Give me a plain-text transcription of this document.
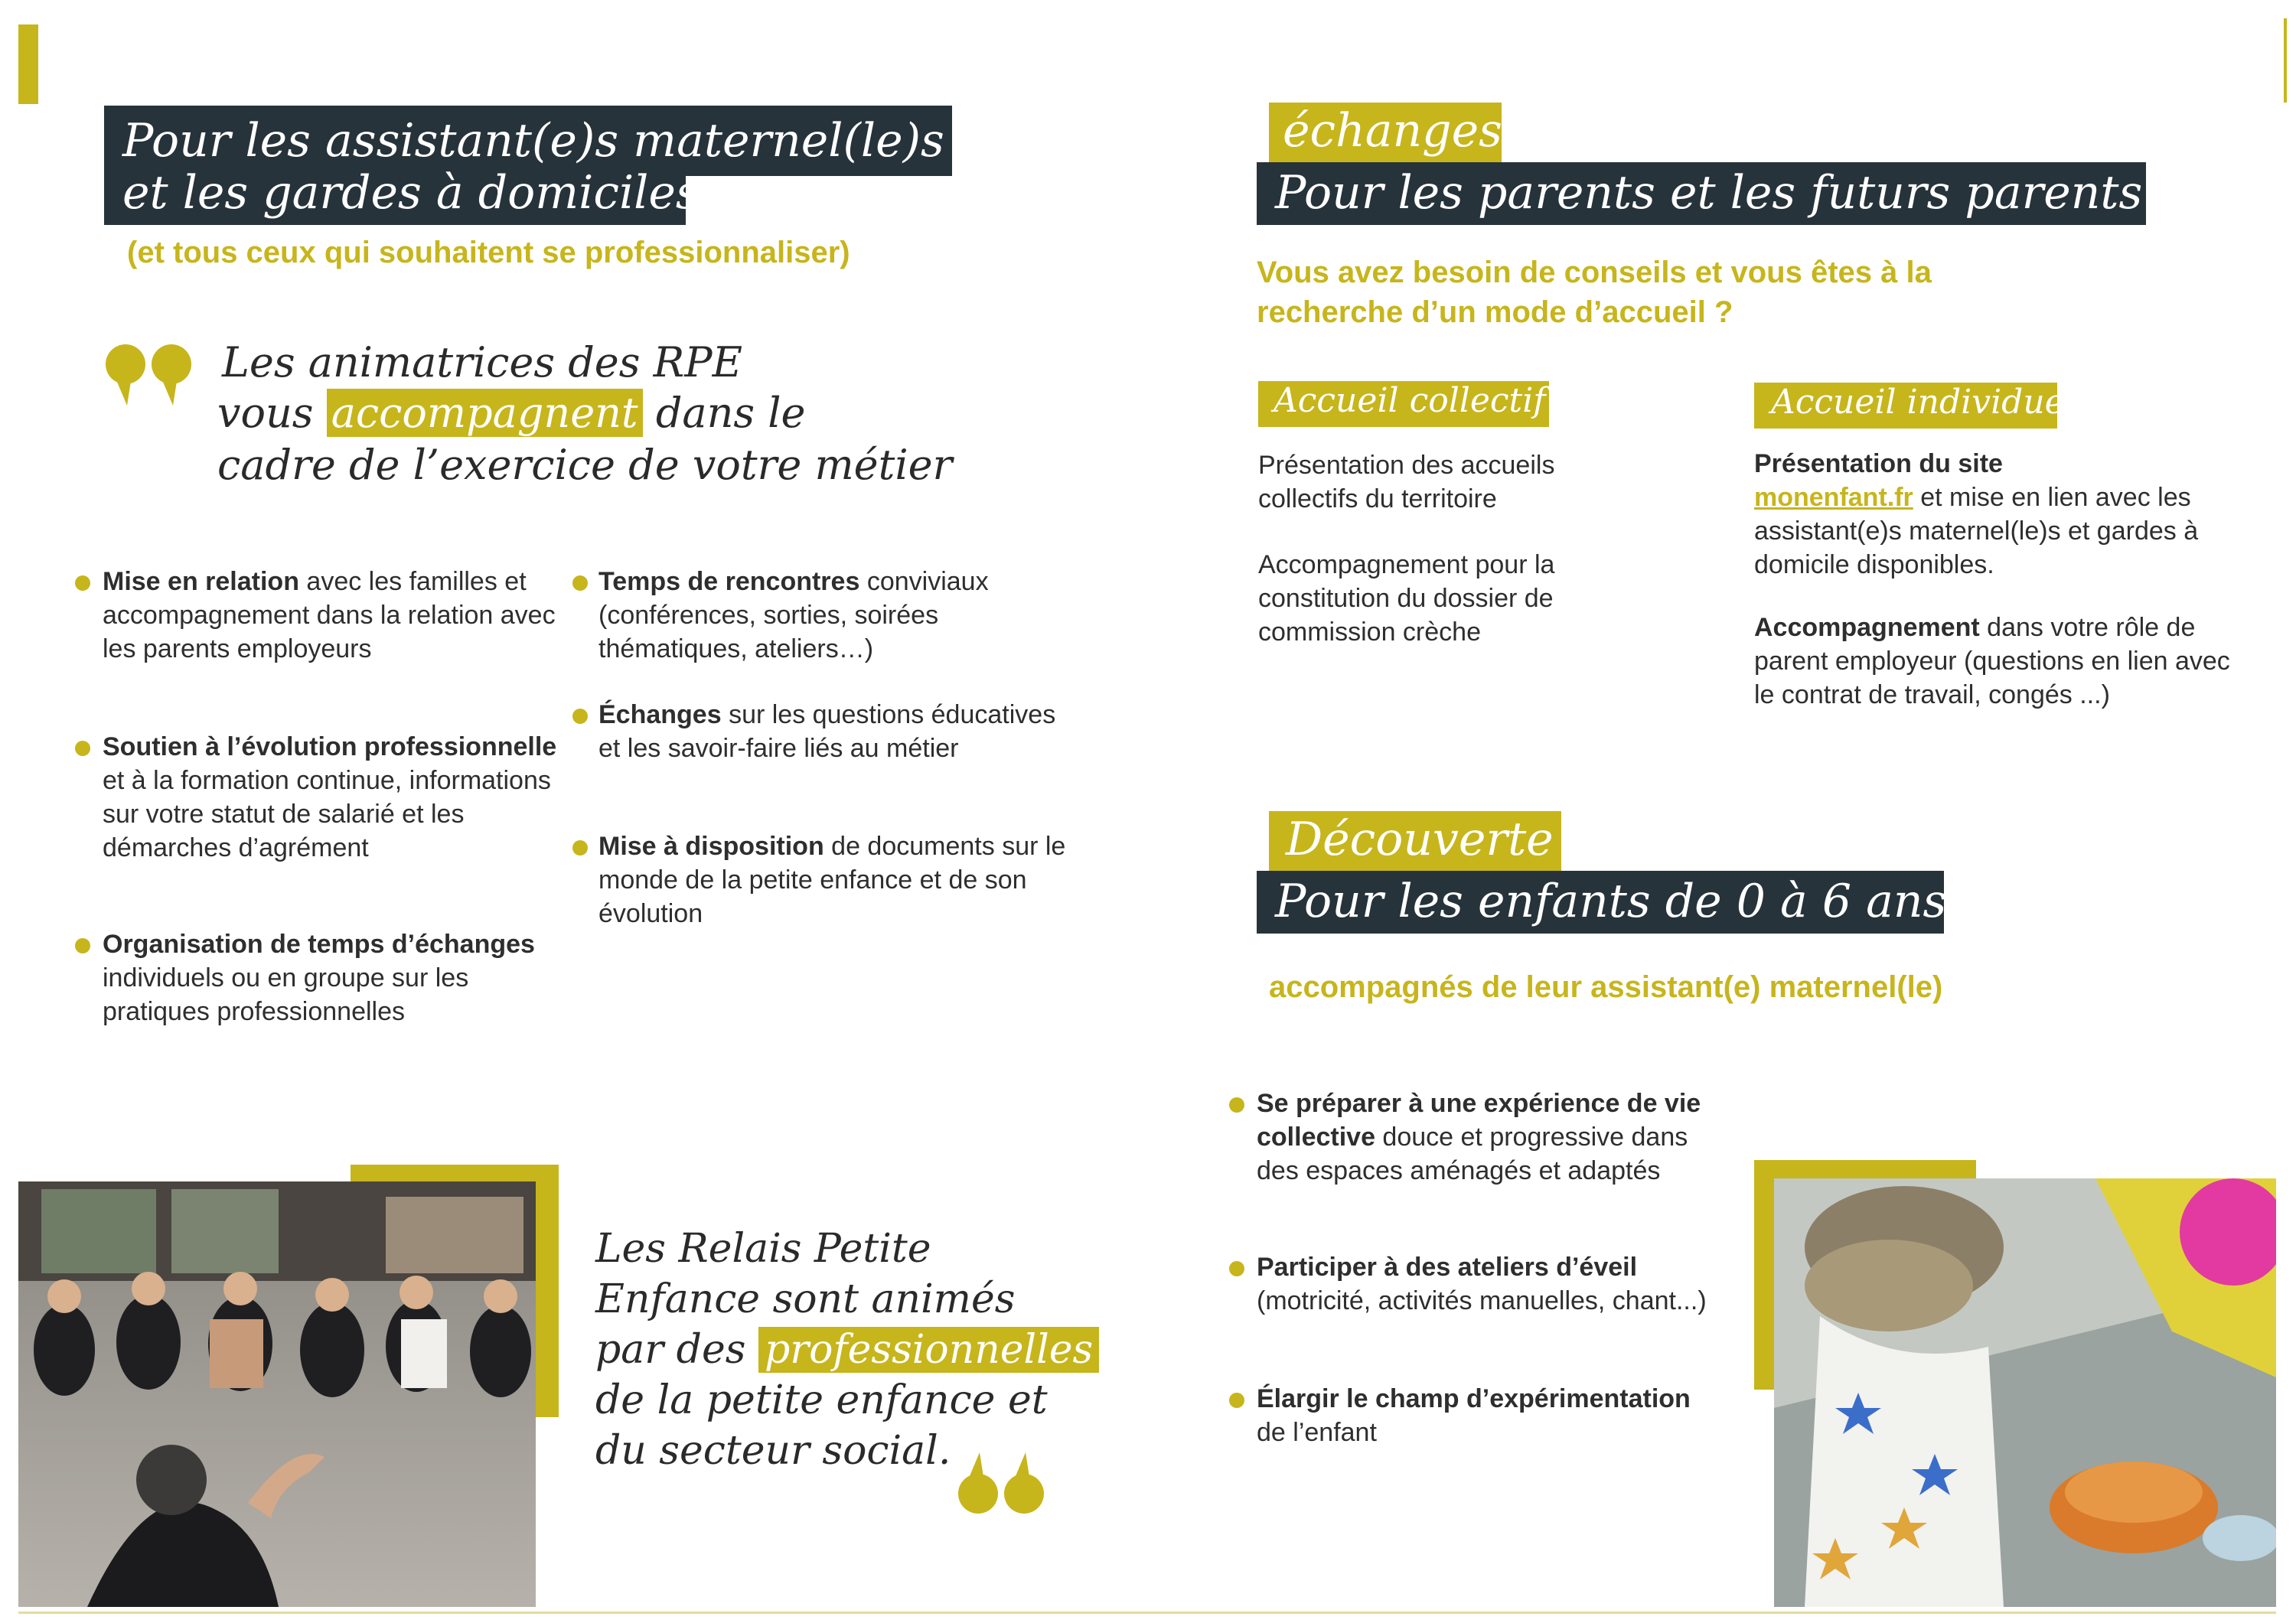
Pour les assistant(e)s maternel(le)s
et les gardes à domiciles
(et tous ceux qui souhaitent se professionnaliser)
Les animatrices des RPE
vous accompagnent dans le
cadre de l’exercice de votre métier
Mise en relation avec les familles et accompagnement dans la relation avec les parents employeurs
Soutien à l’évolution professionnelle et à la formation continue, informations sur votre statut de salarié et les démarches d’agrément
Organisation de temps d’échanges individuels ou en groupe sur les pratiques professionnelles
Temps de rencontres conviviaux (conférences, sorties, soirées thématiques, ateliers…)
Échanges sur les questions éducatives et les savoir-faire liés au métier
Mise à disposition de documents sur le monde de la petite enfance et de son évolution
Les Relais Petite
Enfance sont animés
par des professionnelles
de la petite enfance et
du secteur social.
échanges
Pour les parents et les futurs parents
Vous avez besoin de conseils et vous êtes à la
recherche d’un mode d’accueil ?
Accueil collectif
Présentation des accueils collectifs du territoire
Accompagnement pour la constitution du dossier de commission crèche
Accueil individuel
Présentation du site
monenfant.fr et mise en lien avec les assistant(e)s maternel(le)s et gardes à domicile disponibles.
Accompagnement dans votre rôle de parent employeur (questions en lien avec le contrat de travail, congés ...)
Découverte
Pour les enfants de 0 à 6 ans
accompagnés de leur assistant(e) maternel(le)
Se préparer à une expérience de vie collective douce et progressive dans des espaces aménagés et adaptés
Participer à des ateliers d’éveil (motricité, activités manuelles, chant...)
Élargir le champ d’expérimentation de l’enfant
